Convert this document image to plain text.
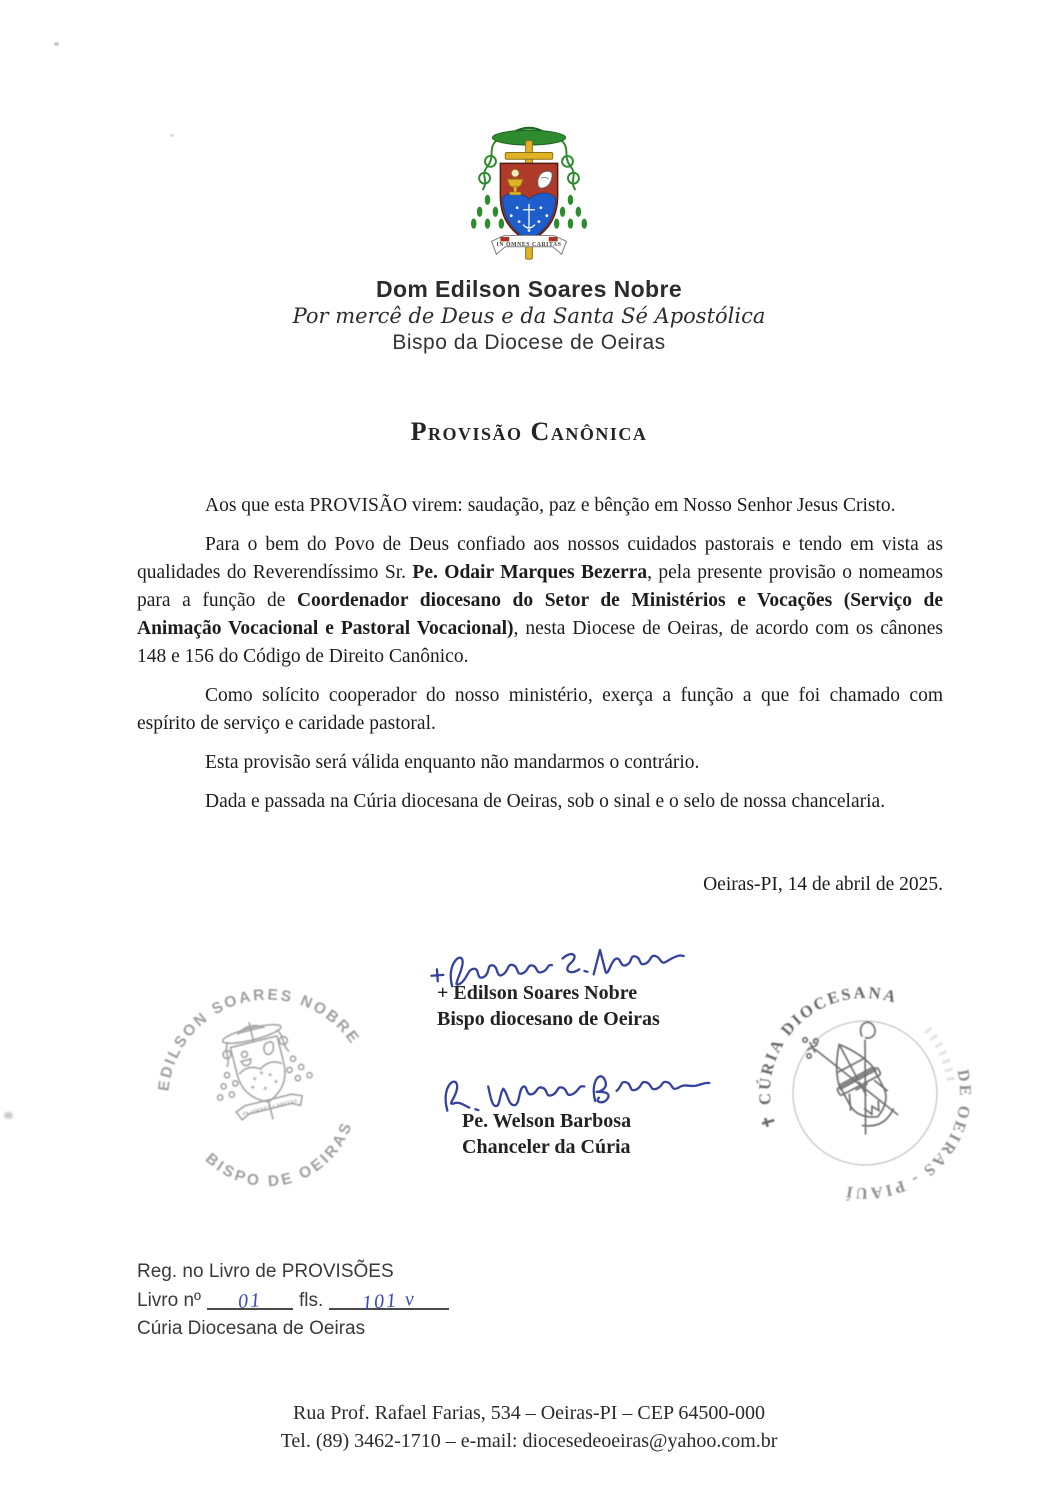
IN OMNES CARITAS
Dom Edilson Soares Nobre
Por mercê de Deus e da Santa Sé Apostólica
Bispo da Diocese de Oeiras
Provisão Canônica

Aos que esta PROVISÃO virem: saudação, paz e bênção em Nosso Senhor Jesus Cristo.

Para o bem do Povo de Deus confiado aos nossos cuidados pastorais e tendo em vista as qualidades do Reverendíssimo Sr. Pe. Odair Marques Bezerra, pela presente provisão o nomeamos para a função de Coordenador diocesano do Setor de Ministérios e Vocações (Serviço de Animação Vocacional e Pastoral Vocacional), nesta Diocese de Oeiras, de acordo com os cânones 148 e 156 do Código de Direito Canônico.

Como solícito cooperador do nosso ministério, exerça a função a que foi chamado com espírito de serviço e caridade pastoral.

Esta provisão será válida enquanto não mandarmos o contrário.

Dada e passada na Cúria diocesana de Oeiras, sob o sinal e o selo de nossa chancelaria.

Oeiras-PI, 14 de abril de 2025.
+ Edilson Soares Nobre
Bispo diocesano de Oeiras
Pe. Welson Barbosa
Chanceler da Cúria
EDILSON SOARES NOBRE
BISPO DE OEIRAS
IN OMNES CARITAS
✝ CÚRIA DIOCESANA
DE OEIRAS - PIAUÍ
Reg. no Livro de PROVISÕES
Livro nº 01 fls. 101 v
Cúria Diocesana de Oeiras
Rua Prof. Rafael Farias, 534 – Oeiras-PI – CEP 64500-000
Tel. (89) 3462-1710 – e-mail: diocesedeoeiras@yahoo.com.br
